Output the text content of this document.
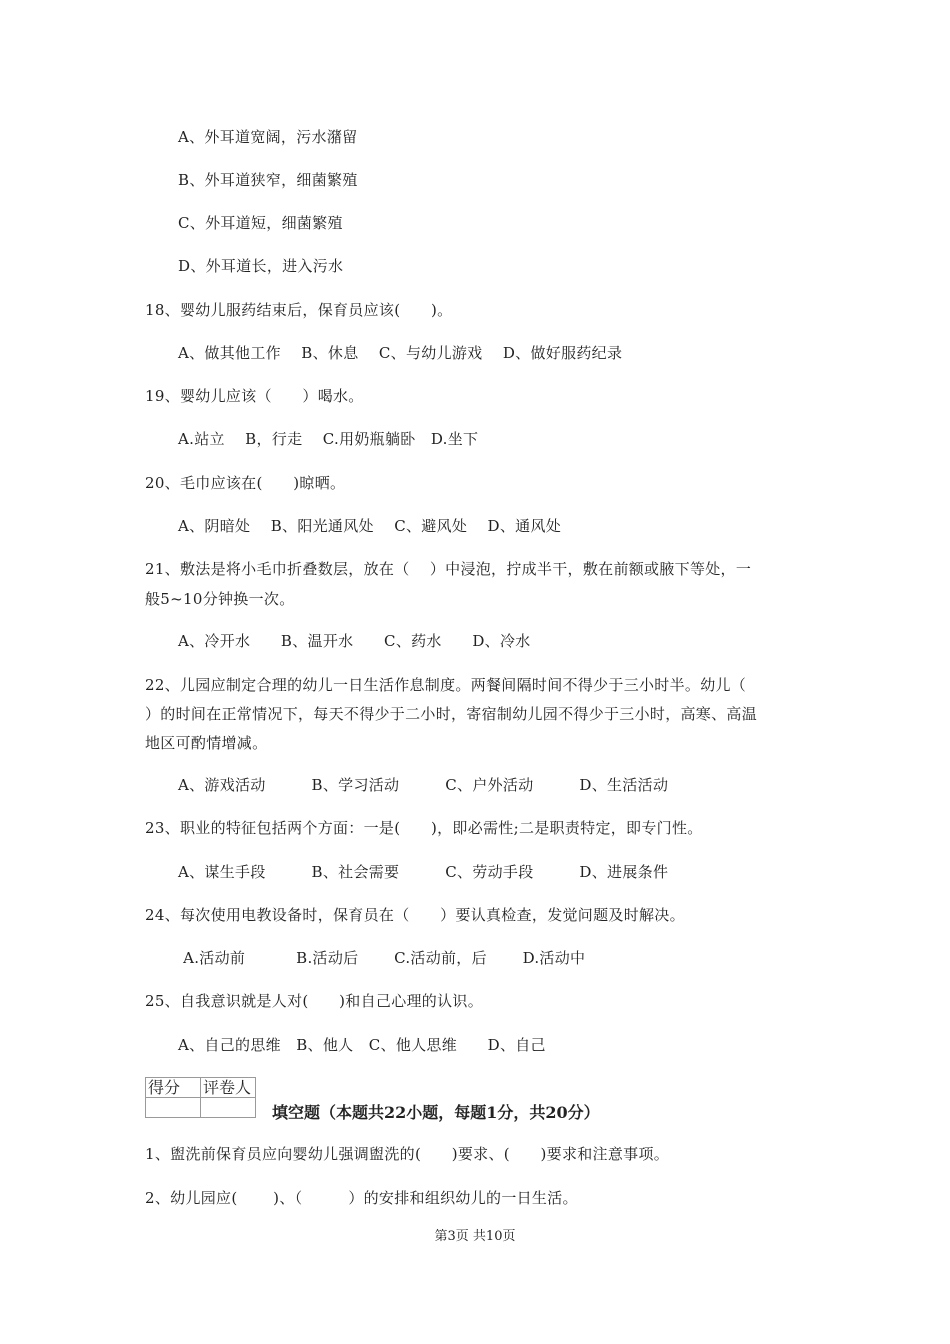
A、外耳道宽阔，污水潴留
B、外耳道狭窄，细菌繁殖
C、外耳道短，细菌繁殖
D、外耳道长，进入污水
18、婴幼儿服药结束后，保育员应该(　　)。
A、做其他工作　 B、休息　 C、与幼儿游戏　 D、做好服药纪录
19、婴幼儿应该（　　）喝水。
A.站立　 B，行走　 C.用奶瓶躺卧　D.坐下
20、毛巾应该在(　　)晾晒。
A、阴暗处　 B、阳光通风处　 C、避风处　 D、通风处
21、敷法是将小毛巾折叠数层，放在（　 ）中浸泡，拧成半干，敷在前额或腋下等处，一
般5~10分钟换一次。
A、冷开水　　B、温开水　　C、药水　　D、冷水
22、儿园应制定合理的幼儿一日生活作息制度。两餐间隔时间不得少于三小时半。幼儿（
）的时间在正常情况下，每天不得少于二小时，寄宿制幼儿园不得少于三小时，高寒、高温
地区可酌情增减。
A、游戏活动　　　B、学习活动　　　C、户外活动　　　D、生活活动
23、职业的特征包括两个方面：一是(　　)，即必需性;二是职责特定，即专门性。
A、谋生手段　　　B、社会需要　　　C、劳动手段　　　D、进展条件
24、每次使用电教设备时，保育员在（　　）要认真检查，发觉问题及时解决。
A.活动前　　　 B.活动后　　 C.活动前，后　　 D.活动中
25、自我意识就是人对(　　)和自己心理的认识。
A、自己的思维　B、他人　C、他人思维　　D、自己
得分	评卷人

填空题（本题共22小题，每题1分，共20分）
1、盥洗前保育员应向婴幼儿强调盥洗的(　　)要求、(　　)要求和注意事项。
2、幼儿园应(　　 )、（　　　）的安排和组织幼儿的一日生活。
第3页 共10页
